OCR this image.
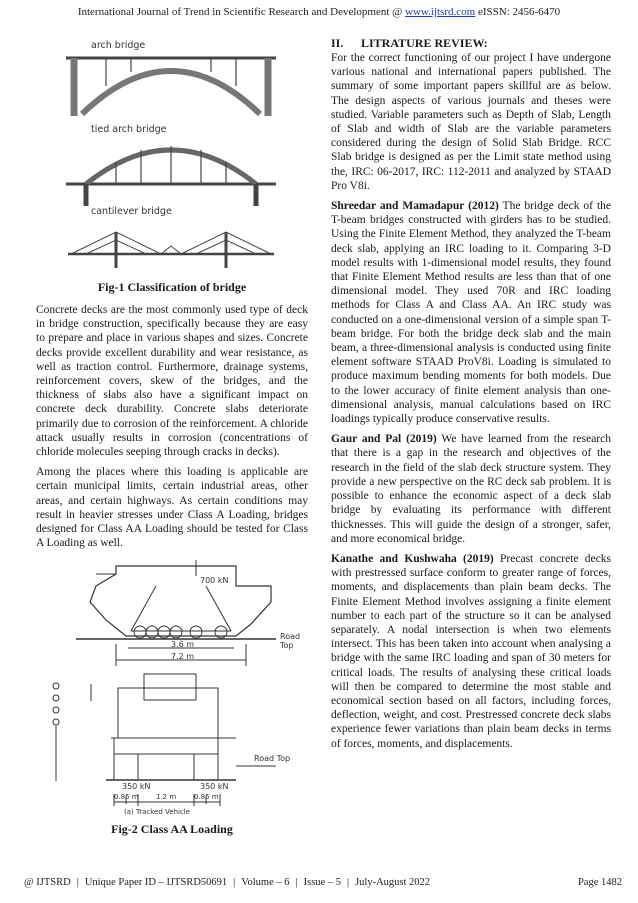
International Journal of Trend in Scientific Research and Development @ www.ijtsrd.com eISSN: 2456-6470
arch bridge
tied arch bridge
cantilever bridge
Fig-1 Classification of bridge

Concrete decks are the most commonly used type of deck in bridge construction, specifically because they are easy to prepare and place in various shapes and sizes. Concrete decks provide excellent durability and wear resistance, as well as traction control. Furthermore, drainage systems, reinforcement covers, skew of the bridges, and the thickness of slabs also have a significant impact on concrete deck durability. Concrete slabs deteriorate primarily due to corrosion of the reinforcement. A chloride attack usually results in corrosion (concentrations of chloride molecules seeping through cracks in decks).

Among the places where this loading is applicable are certain municipal limits, certain industrial areas, other areas, and certain highways. As certain conditions may result in heavier stresses under Class A Loading, bridges designed for Class AA Loading should be tested for Class A Loading as well.

700 kN
Road Top
3.6 m
7.2 m
Road Top
350 kN	350 kN
0.85 m 1.2 m	0.85 m
(a) Tracked Vehicle
Fig-2 Class AA Loading
II. LITRATURE REVIEW:

For the correct functioning of our project I have undergone various national and international papers published. The summary of some important papers skillful are as below. The design aspects of various journals and theses were studied. Variable parameters such as Depth of Slab, Length of Slab and width of Slab are the variable parameters considered during the design of Solid Slab Bridge. RCC Slab bridge is designed as per the Limit state method using the, IRC: 06-2017, IRC: 112-2011 and analyzed by STAAD Pro V8i.

Shreedar and Mamadapur (2012) The bridge deck of the T-beam bridges constructed with girders has to be studied. Using the Finite Element Method, they analyzed the T-beam deck slab, applying an IRC loading to it. Comparing 3-D model results with 1-dimensional model results, they found that Finite Element Method results are less than that of one dimensional model. They used 70R and IRC loading methods for Class A and Class AA. An IRC study was conducted on a one-dimensional version of a simple span T-beam bridge. For both the bridge deck slab and the main beam, a three-dimensional analysis is conducted using finite element software STAAD ProV8i. Loading is simulated to produce maximum bending moments for both models. Due to the lower accuracy of finite element analysis than one-dimensional analysis, manual calculations based on IRC loadings typically produce conservative results.

Gaur and Pal (2019) We have learned from the research that there is a gap in the research and objectives of the research in the field of the slab deck structure system. They provide a new perspective on the RC deck sab problem. It is possible to enhance the economic aspect of a deck slab bridge by evaluating its performance with different thicknesses. This will guide the design of a stronger, safer, and more economical bridge.

Kanathe and Kushwaha (2019) Precast concrete decks with prestressed surface conform to greater range of forces, moments, and displacements than plain beam decks. The Finite Element Method involves assigning a finite element number to each part of the structure so it can be analysed separately. A nodal intersection is when two elements intersect. This has been taken into account when analysing a bridge with the same IRC loading and span of 30 meters for critical loads. The results of analysing these critical loads will then be compared to determine the most stable and economical section based on all factors, including forces, deflection, weight, and cost. Prestressed concrete deck slabs experience fewer variations than plain beam decks in terms of forces, moments, and displacements.

@ IJTSRD | Unique Paper ID – IJTSRD50691 | Volume – 6 | Issue – 5 | July-August 2022	Page 1482
